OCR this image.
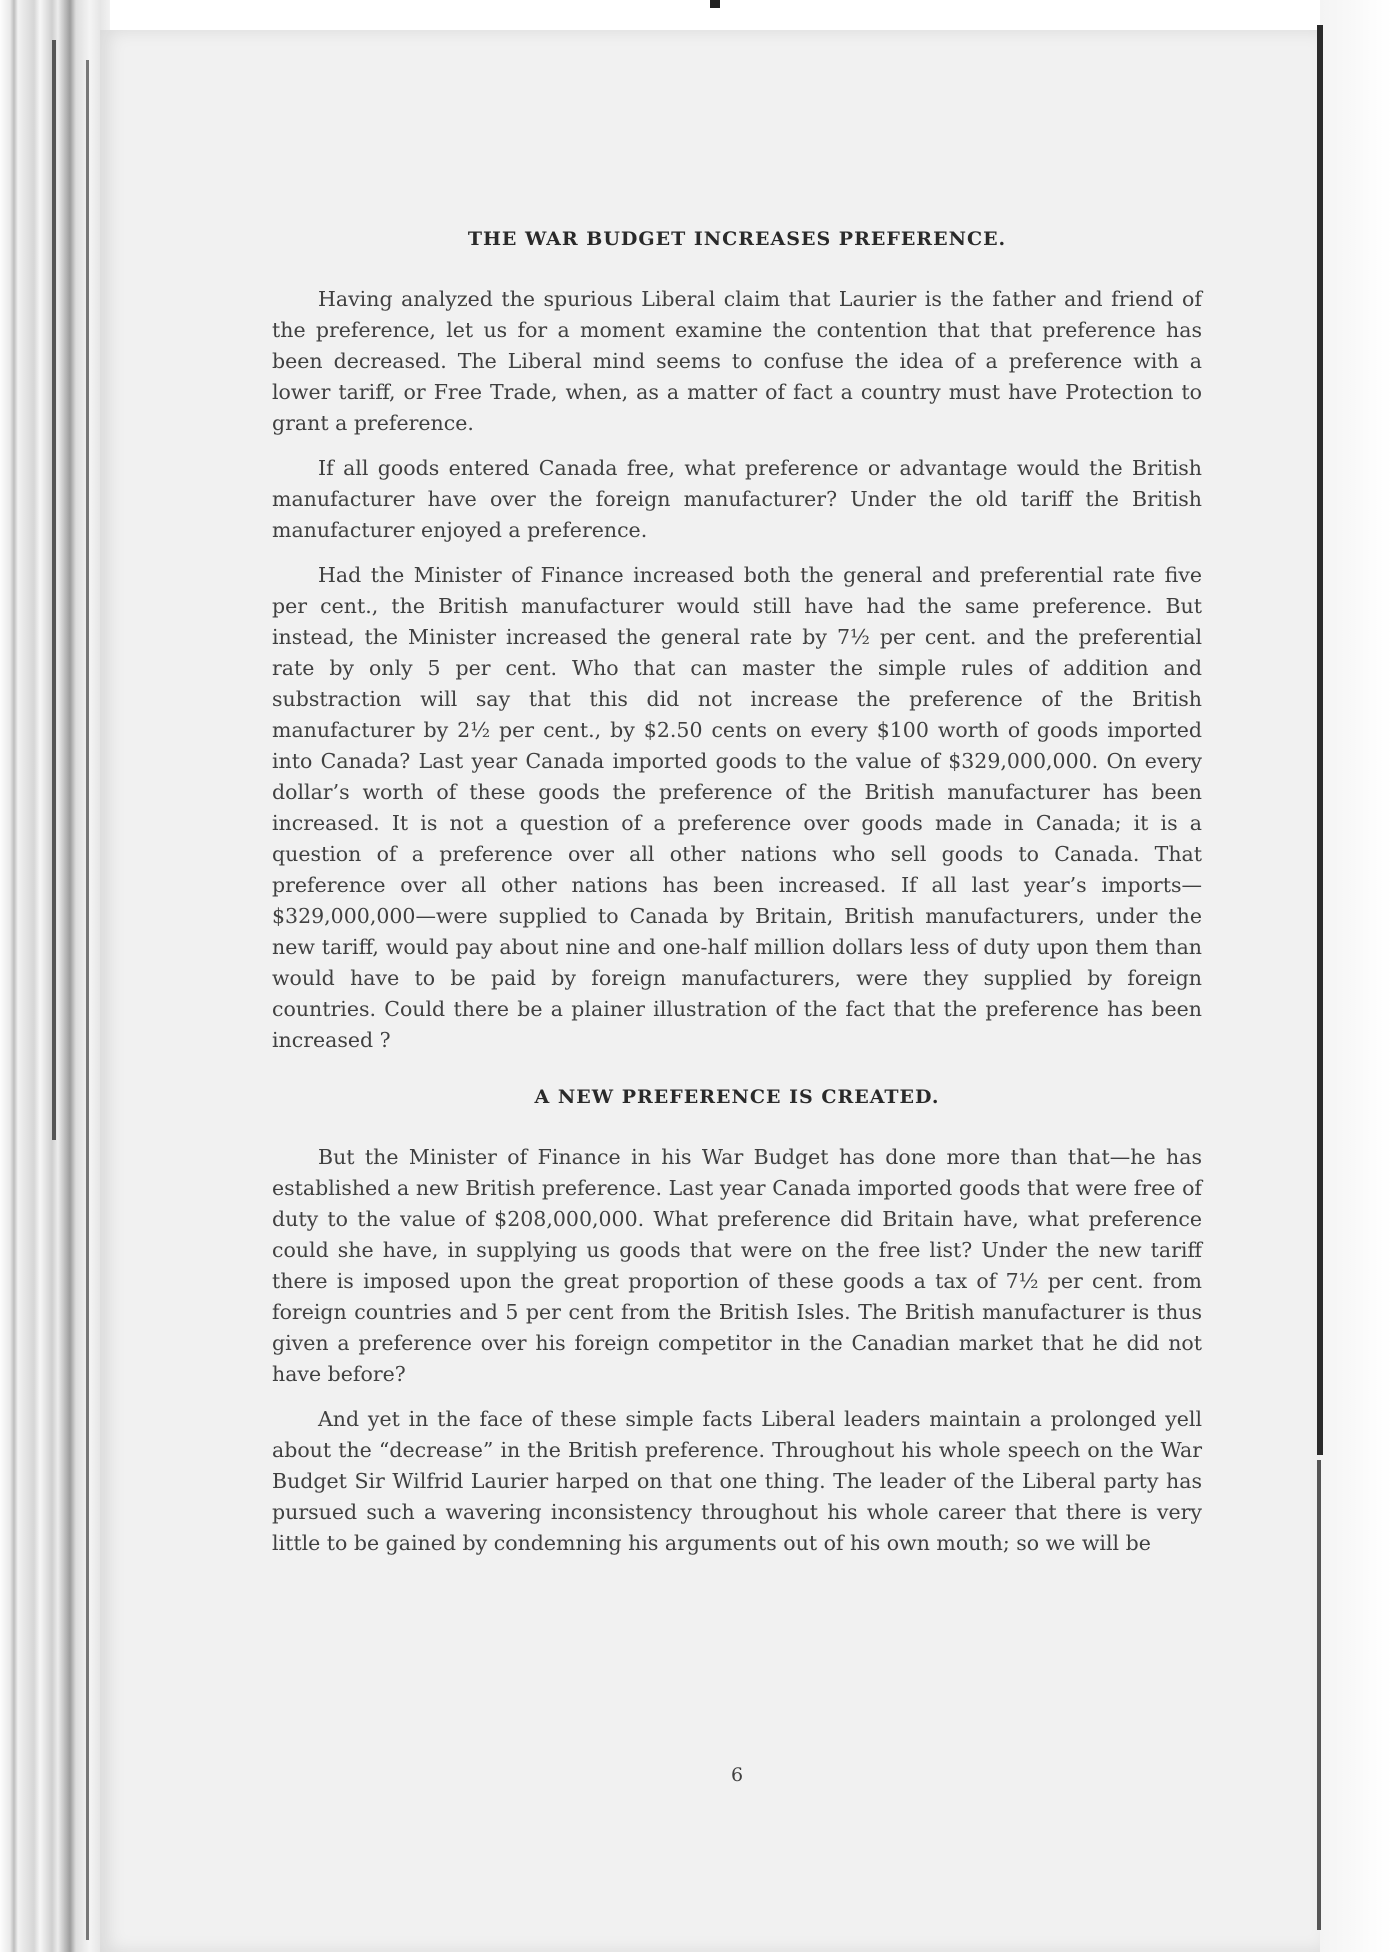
THE WAR BUDGET INCREASES PREFERENCE.

Having analyzed the spurious Liberal claim that Laurier is the father and friend of the preference, let us for a moment examine the contention that that preference has been decreased. The Liberal mind seems to confuse the idea of a preference with a lower tariff, or Free Trade, when, as a matter of fact a country must have Protection to grant a preference.

If all goods entered Canada free, what preference or advantage would the British manufacturer have over the foreign manufacturer? Under the old tariff the British manufacturer enjoyed a preference.

Had the Minister of Finance increased both the general and preferential rate five per cent., the British manufacturer would still have had the same preference. But instead, the Minister increased the general rate by 7½ per cent. and the preferential rate by only 5 per cent. Who that can master the simple rules of addition and substraction will say that this did not increase the preference of the British manufacturer by 2½ per cent., by $2.50 cents on every $100 worth of goods imported into Canada? Last year Canada imported goods to the value of $329,000,000. On every dollar’s worth of these goods the preference of the British manufacturer has been increased. It is not a question of a preference over goods made in Canada; it is a question of a preference over all other nations who sell goods to Canada. That preference over all other nations has been increased. If all last year’s imports—$329,000,000—were supplied to Canada by Britain, British manufacturers, under the new tariff, would pay about nine and one-half million dollars less of duty upon them than would have to be paid by foreign manufacturers, were they supplied by foreign countries. Could there be a plainer illustration of the fact that the preference has been increased ?

A NEW PREFERENCE IS CREATED.

But the Minister of Finance in his War Budget has done more than that—he has established a new British preference. Last year Canada imported goods that were free of duty to the value of $208,000,000. What preference did Britain have, what preference could she have, in supplying us goods that were on the free list? Under the new tariff there is imposed upon the great proportion of these goods a tax of 7½ per cent. from foreign countries and 5 per cent from the British Isles. The British manufacturer is thus given a preference over his foreign competitor in the Canadian market that he did not have before?

And yet in the face of these simple facts Liberal leaders maintain a prolonged yell about the “decrease” in the British preference. Throughout his whole speech on the War Budget Sir Wilfrid Laurier harped on that one thing. The leader of the Liberal party has pursued such a wavering inconsistency throughout his whole career that there is very little to be gained by condemning his arguments out of his own mouth; so we will be

6
